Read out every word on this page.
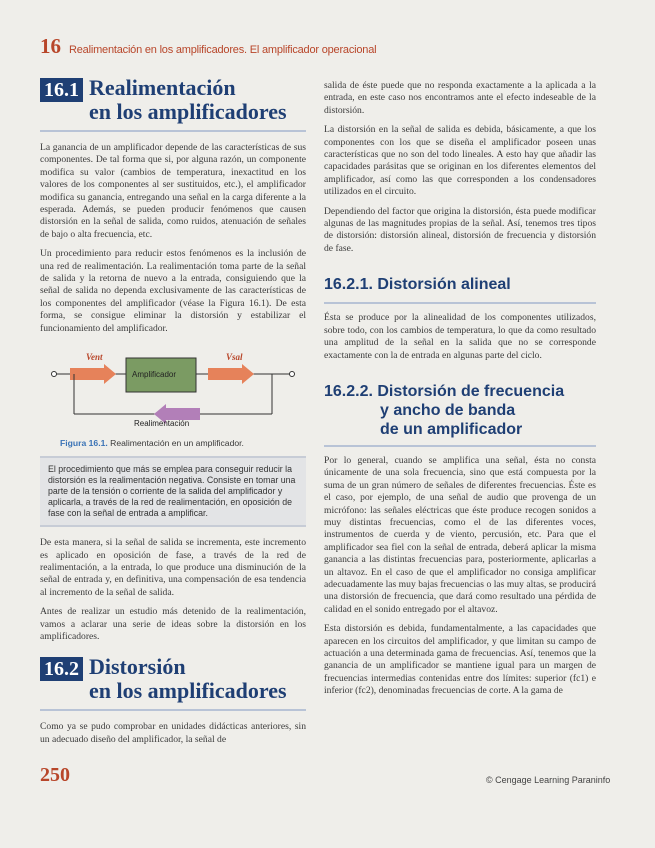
16 Realimentación en los amplificadores. El amplificador operacional
16.1 Realimentación
en los amplificadores

La ganancia de un amplificador depende de las características de sus componentes. De tal forma que si, por alguna razón, un componente modifica su valor (cambios de temperatura, inexactitud en los valores de los componentes al ser sustituidos, etc.), el amplificador modifica su ganancia, entregando una señal en la carga diferente a la esperada. Además, se pueden producir fenómenos que causen distorsión en la señal de salida, como ruidos, atenuación de señales de bajo o alta frecuencia, etc.

Un procedimiento para reducir estos fenómenos es la inclusión de una red de realimentación. La realimentación toma parte de la señal de salida y la retorna de nuevo a la entrada, consiguiendo que la señal de salida no dependa exclusivamente de las características de los componentes del amplificador (véase la Figura 16.1). De esta forma, se consigue eliminar la distorsión y estabilizar el funcionamiento del amplificador.

Vent	Vsal
Amplificador
Realimentación
Figura 16.1. Realimentación en un amplificador.
El procedimiento que más se emplea para conseguir reducir la distorsión es la realimentación negativa. Consiste en tomar una parte de la tensión o corriente de la salida del amplificador y aplicarla, a través de la red de realimentación, en oposición de fase con la señal de entrada a amplificar.

De esta manera, si la señal de salida se incrementa, este incremento es aplicado en oposición de fase, a través de la red de realimentación, a la entrada, lo que produce una disminución de la señal de entrada y, en definitiva, una compensación de esa tendencia al incremento de la señal de salida.

Antes de realizar un estudio más detenido de la realimentación, vamos a aclarar una serie de ideas sobre la distorsión en los amplificadores.

16.2 Distorsión
en los amplificadores

Como ya se pudo comprobar en unidades didácticas anteriores, sin un adecuado diseño del amplificador, la señal de

salida de éste puede que no responda exactamente a la aplicada a la entrada, en este caso nos encontramos ante el efecto indeseable de la distorsión.

La distorsión en la señal de salida es debida, básicamente, a que los componentes con los que se diseña el amplificador poseen unas características que no son del todo lineales. A esto hay que añadir las capacidades parásitas que se originan en los diferentes elementos del amplificador, así como las que corresponden a los condensadores utilizados en el circuito.

Dependiendo del factor que origina la distorsión, ésta puede modificar algunas de las magnitudes propias de la señal. Así, tenemos tres tipos de distorsión: distorsión alineal, distorsión de frecuencia y distorsión de fase.

16.2.1. Distorsión alineal

Ésta se produce por la alinealidad de los componentes utilizados, sobre todo, con los cambios de temperatura, lo que da como resultado una amplitud de la señal en la salida que no se corresponde exactamente con la de entrada en algunas parte del ciclo.

16.2.2. Distorsión de frecuencia
y ancho de banda
de un amplificador

Por lo general, cuando se amplifica una señal, ésta no consta únicamente de una sola frecuencia, sino que está compuesta por la suma de un gran número de señales de diferentes frecuencias. Éste es el caso, por ejemplo, de una señal de audio que provenga de un micrófono: las señales eléctricas que éste produce recogen sonidos a muy distintas frecuencias, como el de las diferentes voces, instrumentos de cuerda y de viento, percusión, etc. Para que el amplificador sea fiel con la señal de entrada, deberá aplicar la misma ganancia a las distintas frecuencias para, posteriormente, aplicarlas a un altavoz. En el caso de que el amplificador no consiga amplificar adecuadamente las muy bajas frecuencias o las muy altas, se producirá una distorsión de frecuencia, que dará como resultado una pérdida de calidad en el sonido entregado por el altavoz.

Esta distorsión es debida, fundamentalmente, a las capacidades que aparecen en los circuitos del amplificador, y que limitan su campo de actuación a una determinada gama de frecuencias. Así, tenemos que la ganancia de un amplificador se mantiene igual para un margen de frecuencias intermedias contenidas entre dos límites: superior (fc1) e inferior (fc2), denominadas frecuencias de corte. A la gama de

250	© Cengage Learning Paraninfo
